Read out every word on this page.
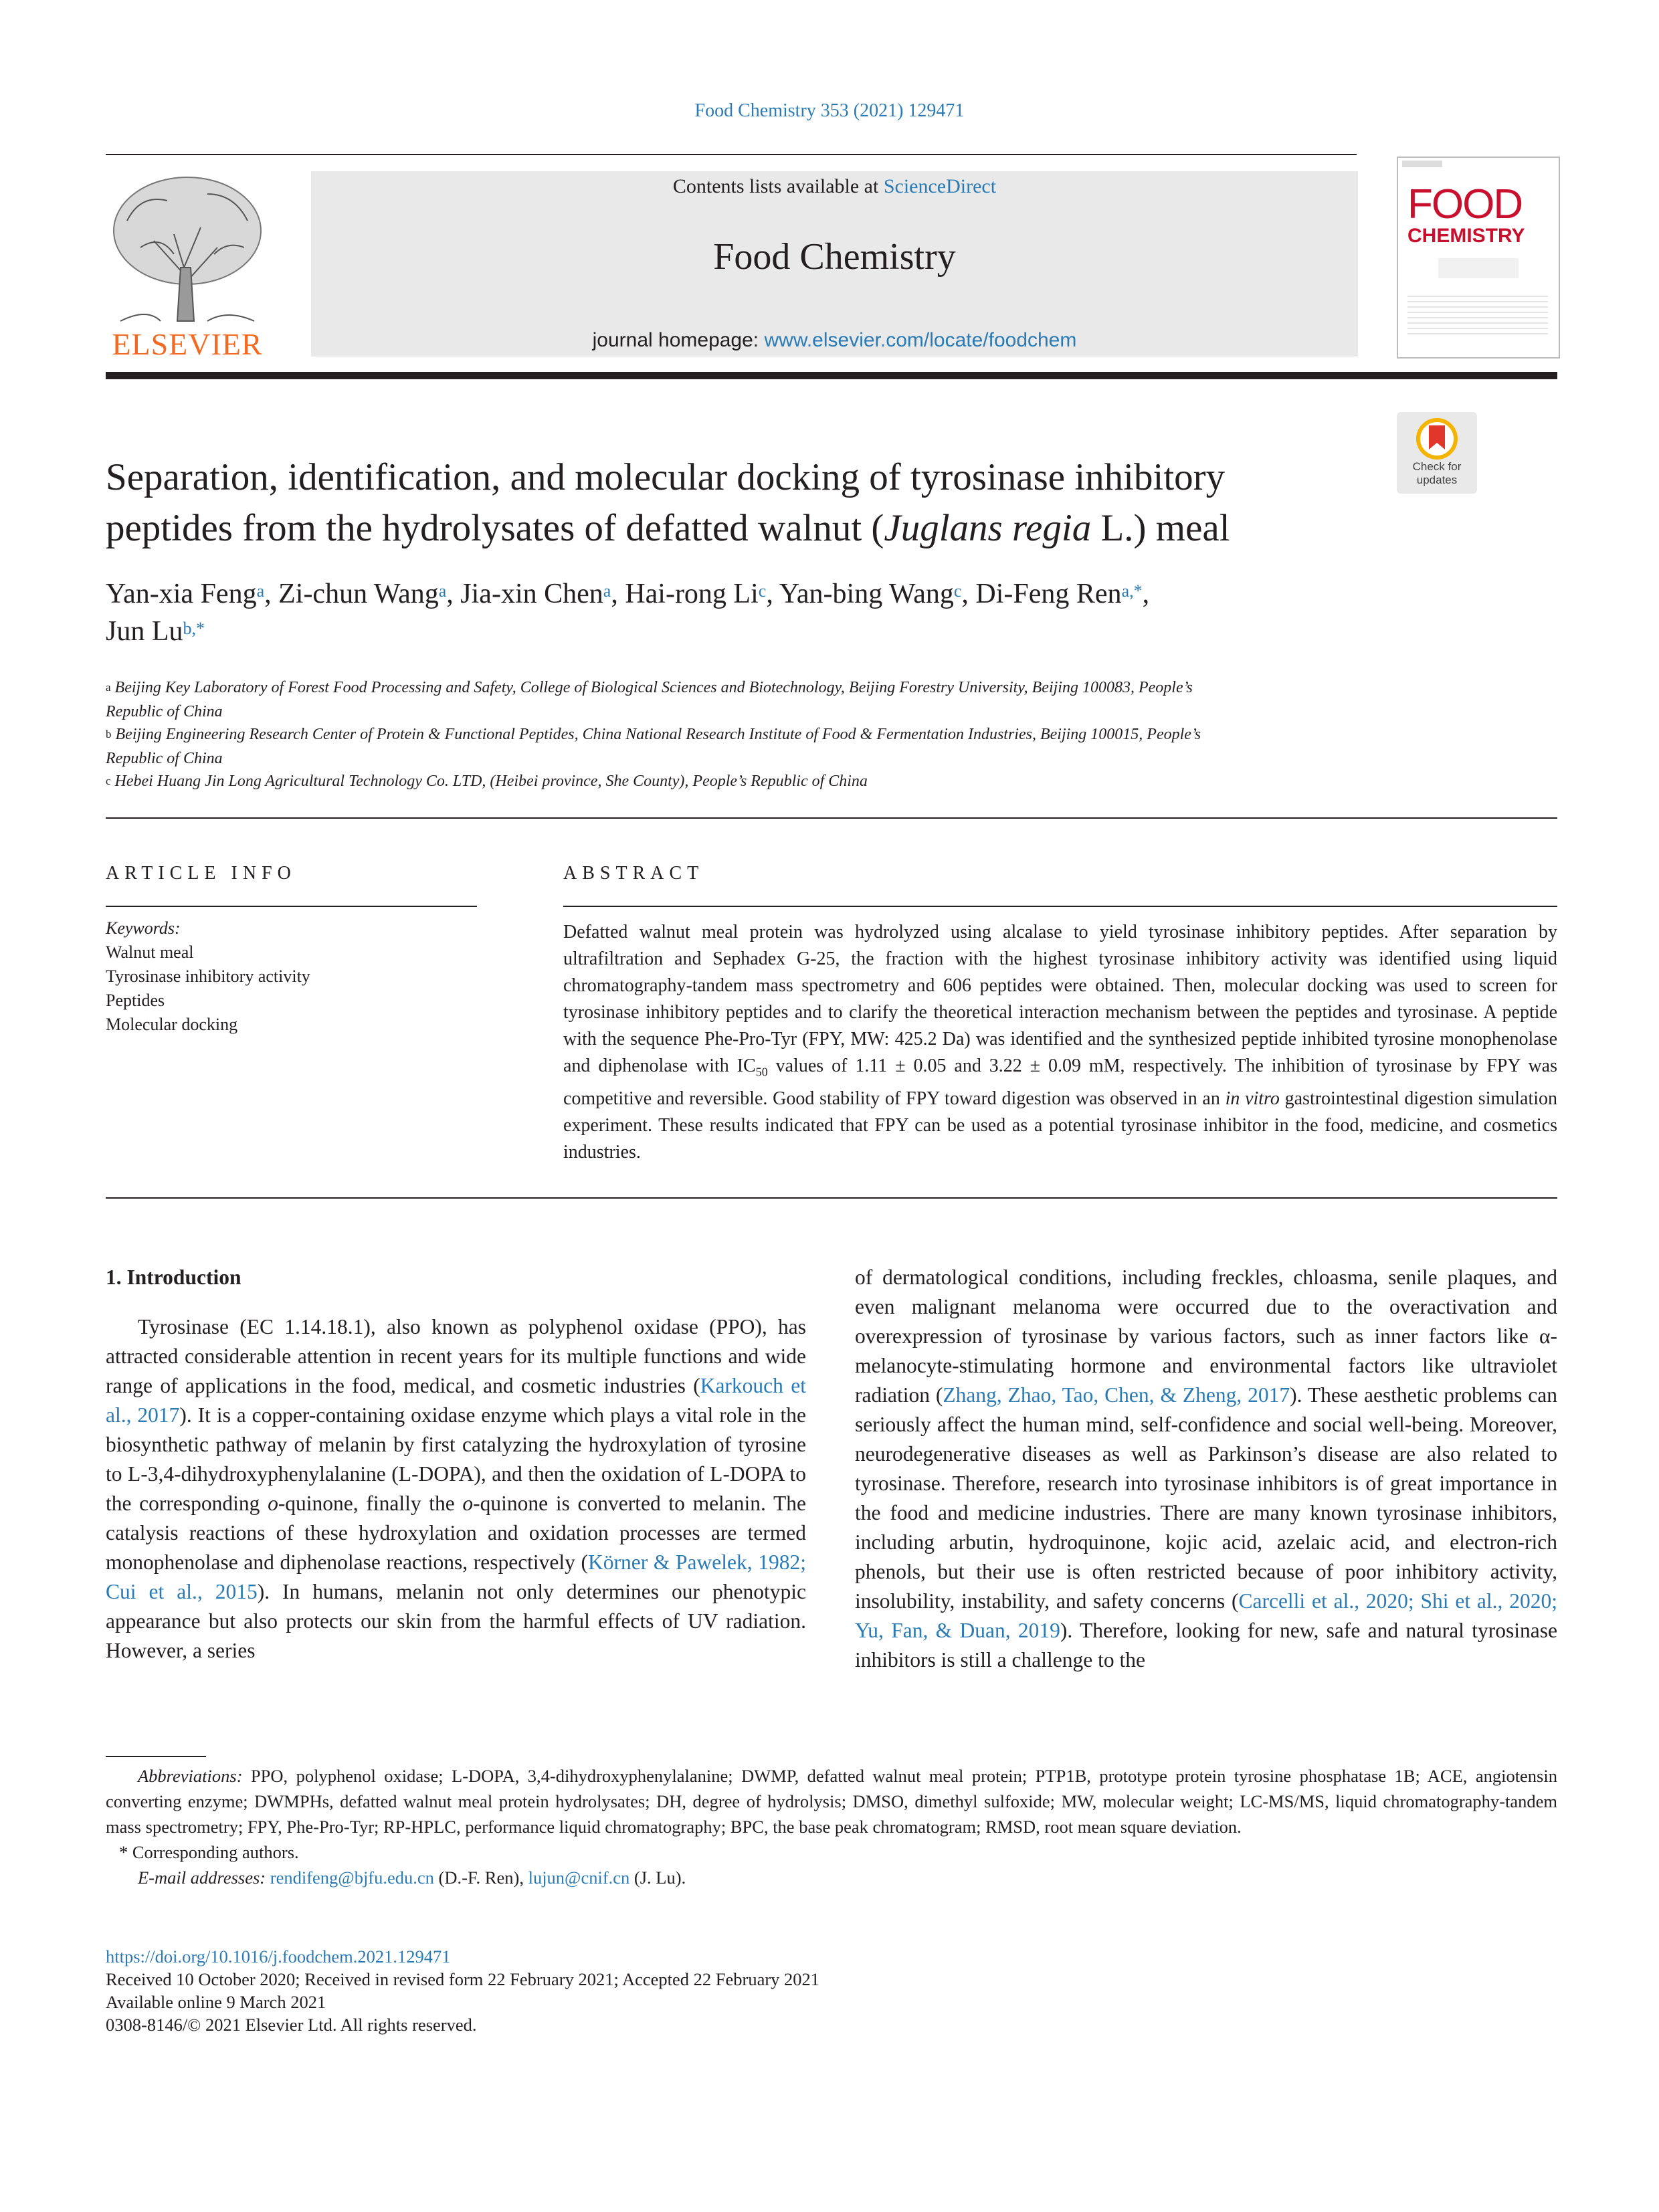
Food Chemistry 353 (2021) 129471
ELSEVIER
Contents lists available at ScienceDirect
Food Chemistry
journal homepage: www.elsevier.com/locate/foodchem
FOOD
CHEMISTRY
Check for
updates
Separation, identification, and molecular docking of tyrosinase inhibitory
peptides from the hydrolysates of defatted walnut (Juglans regia L.) meal
Yan-xia Feng$^a$, Zi-chun Wang$^a$, Jia-xin Chen$^a$, Hai-rong Li$^c$, Yan-bing Wang$^c$, Di-Feng Ren$^{a,*}$,
Jun $Lu^{b,*}$
$^a$ Beijing Key Laboratory of Forest Food Processing and Safety, College of Biological Sciences and Biotechnology, Beijing Forestry University, Beijing 100083, People’s
Republic of China
$^b$ Beijing Engineering Research Center of Protein & Functional Peptides, China National Research Institute of Food & Fermentation Industries, Beijing 100015, People’s
Republic of China
$^c$ Hebei Huang Jin Long Agricultural Technology Co. LTD, (Heibei province, She County), People’s Republic of China
ARTICLE INFO
Keywords:
Walnut meal
Tyrosinase inhibitory activity
Peptides
Molecular docking
ABSTRACT
Defatted walnut meal protein was hydrolyzed using alcalase to yield tyrosinase inhibitory peptides. After separation by ultrafiltration and Sephadex G-25, the fraction with the highest tyrosinase inhibitory activity was identified using liquid chromatography-tandem mass spectrometry and 606 peptides were obtained. Then, molecular docking was used to screen for tyrosinase inhibitory peptides and to clarify the theoretical interaction mechanism between the peptides and tyrosinase. A peptide with the sequence Phe-Pro-Tyr (FPY, MW: 425.2 Da) was identified and the synthesized peptide inhibited tyrosine monophenolase and diphenolase with $IC_{50}$ values of 1.11 ± 0.05 and 3.22 ± 0.09 mM, respectively. The inhibition of tyrosinase by FPY was competitive and reversible. Good stability of FPY toward digestion was observed in an in vitro gastrointestinal digestion simulation experiment. These results indicated that FPY can be used as a potential tyrosinase inhibitor in the food, medicine, and cosmetics industries.
1. Introduction
Tyrosinase (EC 1.14.18.1), also known as polyphenol oxidase (PPO), has attracted considerable attention in recent years for its multiple functions and wide range of applications in the food, medical, and cosmetic industries (Karkouch et al., 2017). It is a copper-containing oxidase enzyme which plays a vital role in the biosynthetic pathway of melanin by first catalyzing the hydroxylation of tyrosine to L-3,4-dihydroxyphenylalanine (L-DOPA), and then the oxidation of L-DOPA to the corresponding o-quinone, finally the o-quinone is converted to melanin. The catalysis reactions of these hydroxylation and oxidation processes are termed monophenolase and diphenolase reactions, respectively (Körner & Pawelek, 1982; Cui et al., 2015). In humans, melanin not only determines our phenotypic appearance but also protects our skin from the harmful effects of UV radiation. However, a series
of dermatological conditions, including freckles, chloasma, senile plaques, and even malignant melanoma were occurred due to the overactivation and overexpression of tyrosinase by various factors, such as inner factors like α-melanocyte-stimulating hormone and environmental factors like ultraviolet radiation (Zhang, Zhao, Tao, Chen, & Zheng, 2017). These aesthetic problems can seriously affect the human mind, self-confidence and social well-being. Moreover, neurodegenerative diseases as well as Parkinson’s disease are also related to tyrosinase. Therefore, research into tyrosinase inhibitors is of great importance in the food and medicine industries. There are many known tyrosinase inhibitors, including arbutin, hydroquinone, kojic acid, azelaic acid, and electron-rich phenols, but their use is often restricted because of poor inhibitory activity, insolubility, instability, and safety concerns (Carcelli et al., 2020; Shi et al., 2020; Yu, Fan, & Duan, 2019). Therefore, looking for new, safe and natural tyrosinase inhibitors is still a challenge to the
Abbreviations: PPO, polyphenol oxidase; L-DOPA, 3,4-dihydroxyphenylalanine; DWMP, defatted walnut meal protein; PTP1B, prototype protein tyrosine phosphatase 1B; ACE, angiotensin converting enzyme; DWMPHs, defatted walnut meal protein hydrolysates; DH, degree of hydrolysis; DMSO, dimethyl sulfoxide; MW, molecular weight; LC-MS/MS, liquid chromatography-tandem mass spectrometry; FPY, Phe-Pro-Tyr; RP-HPLC, performance liquid chromatography; BPC, the base peak chromatogram; RMSD, root mean square deviation.
* Corresponding authors.
E-mail addresses: rendifeng@bjfu.edu.cn (D.-F. Ren), lujun@cnif.cn (J. Lu).
https://doi.org/10.1016/j.foodchem.2021.129471
Received 10 October 2020; Received in revised form 22 February 2021; Accepted 22 February 2021
Available online 9 March 2021
0308-8146/© 2021 Elsevier Ltd. All rights reserved.
